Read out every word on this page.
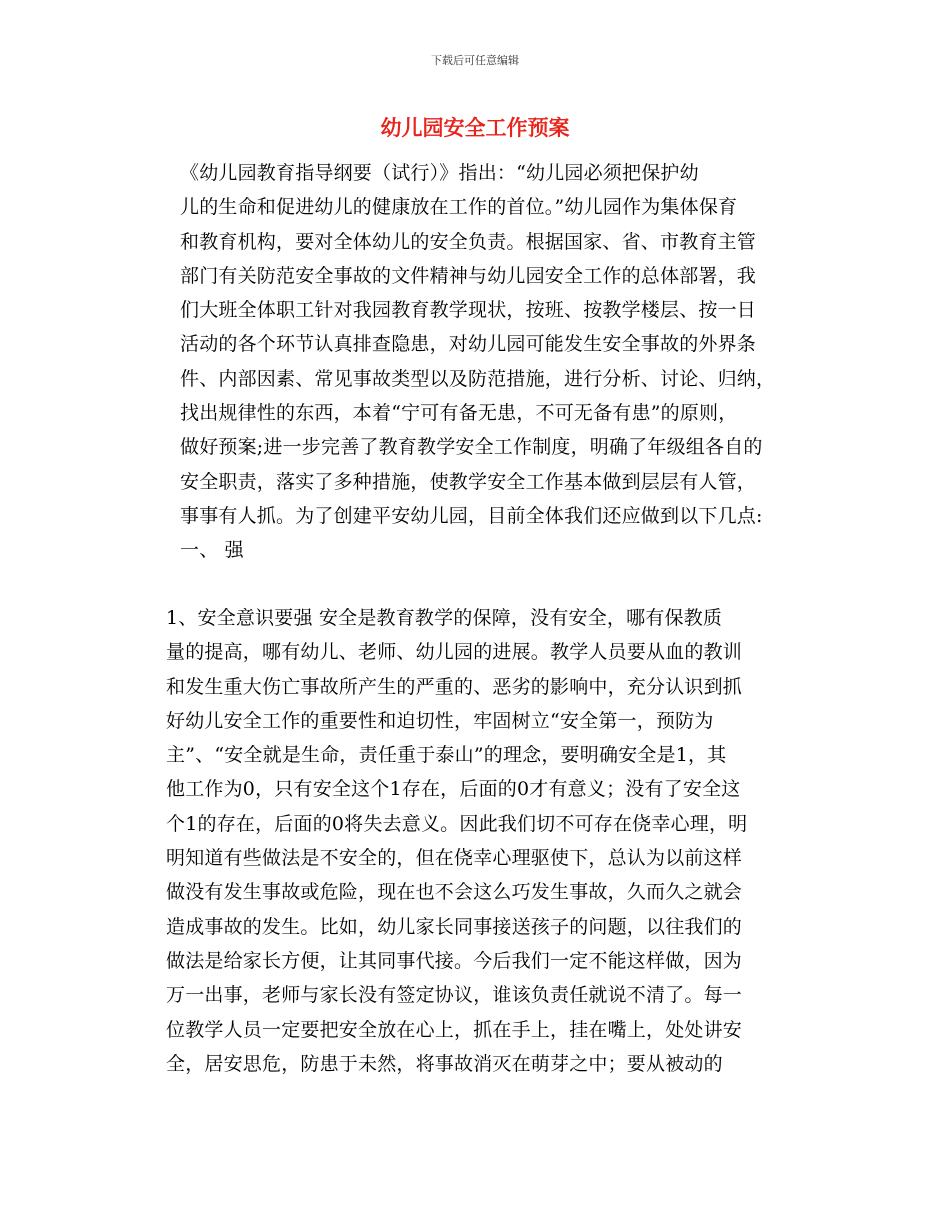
下载后可任意编辑
幼儿园安全工作预案
《幼儿园教育指导纲要（试行）》指出：“幼儿园必须把保护幼
儿的生命和促进幼儿的健康放在工作的首位。”幼儿园作为集体保育
和教育机构，要对全体幼儿的安全负责。根据国家、省、市教育主管
部门有关防范安全事故的文件精神与幼儿园安全工作的总体部署，我
们大班全体职工针对我园教育教学现状，按班、按教学楼层、按一日
活动的各个环节认真排查隐患，对幼儿园可能发生安全事故的外界条
件、内部因素、常见事故类型以及防范措施，进行分析、讨论、归纳，
找出规律性的东西，本着“宁可有备无患，不可无备有患”的原则，
做好预案;进一步完善了教育教学安全工作制度，明确了年级组各自的
安全职责，落实了多种措施，使教学安全工作基本做到层层有人管，
事事有人抓。为了创建平安幼儿园，目前全体我们还应做到以下几点:
一、 强
1、安全意识要强 安全是教育教学的保障，没有安全，哪有保教质
量的提高，哪有幼儿、老师、幼儿园的进展。教学人员要从血的教训
和发生重大伤亡事故所产生的严重的、恶劣的影响中，充分认识到抓
好幼儿安全工作的重要性和迫切性，牢固树立“安全第一，预防为
主”、“安全就是生命，责任重于泰山”的理念，要明确安全是1，其
他工作为0，只有安全这个1存在，后面的0才有意义；没有了安全这
个1的存在，后面的0将失去意义。因此我们切不可存在侥幸心理，明
明知道有些做法是不安全的，但在侥幸心理驱使下，总认为以前这样
做没有发生事故或危险，现在也不会这么巧发生事故，久而久之就会
造成事故的发生。比如，幼儿家长同事接送孩子的问题，以往我们的
做法是给家长方便，让其同事代接。今后我们一定不能这样做，因为
万一出事，老师与家长没有签定协议，谁该负责任就说不清了。每一
位教学人员一定要把安全放在心上，抓在手上，挂在嘴上，处处讲安
全，居安思危，防患于未然，将事故消灭在萌芽之中；要从被动的
